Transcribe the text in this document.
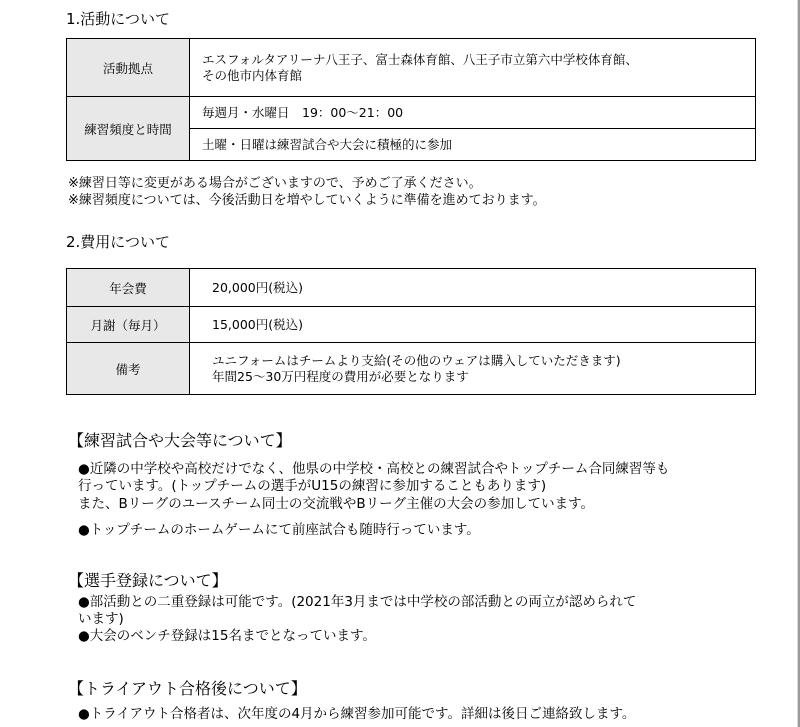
1.活動について
活動拠点	エスフォルタアリーナ八王子、富士森体育館、八王子市立第六中学校体育館、
その他市内体育館

練習頻度と時間	毎週月・水曜日　19：00〜21：00
	土曜・日曜は練習試合や大会に積極的に参加
※練習日等に変更がある場合がございますので、予めご了承ください。
※練習頻度については、今後活動日を増やしていくように準備を進めております。
2.費用について
年会費	20,000円(税込)
月謝（毎月）	15,000円(税込)
備考	ユニフォームはチームより支給(その他のウェアは購入していただきます)
年間25〜30万円程度の費用が必要となります
【練習試合や大会等について】
●近隣の中学校や高校だけでなく、他県の中学校・高校との練習試合やトップチーム合同練習等も
行っています。(トップチームの選手がU15の練習に参加することもあります)
また、Bリーグのユースチーム同士の交流戦やBリーグ主催の大会の参加しています。
●トップチームのホームゲームにて前座試合も随時行っています。
【選手登録について】
●部活動との二重登録は可能です。(2021年3月までは中学校の部活動との両立が認められて
います)
●大会のベンチ登録は15名までとなっています。
【トライアウト合格後について】
●トライアウト合格者は、次年度の4月から練習参加可能です。詳細は後日ご連絡致します。
